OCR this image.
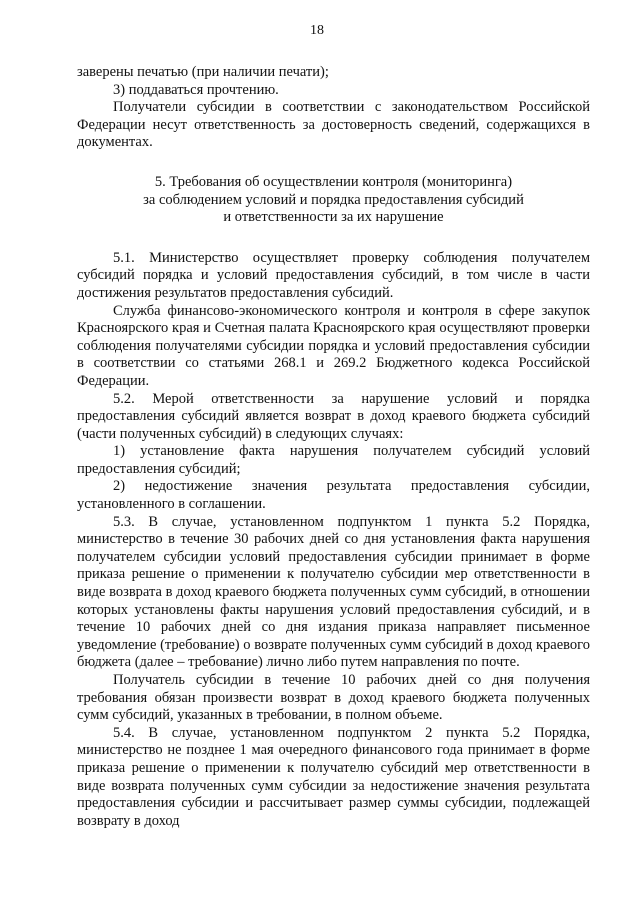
18

заверены печатью (при наличии печати);

3) поддаваться прочтению.

Получатели субсидии в соответствии с законодательством Российской Федерации несут ответственность за достоверность сведений, содержащихся в документах.

5. Требования об осуществлении контроля (мониторинга)
за соблюдением условий и порядка предоставления субсидий
и ответственности за их нарушение

5.1. Министерство осуществляет проверку соблюдения получателем субсидий порядка и условий предоставления субсидий, в том числе в части достижения результатов предоставления субсидий.

Служба финансово-экономического контроля и контроля в сфере закупок Красноярского края и Счетная палата Красноярского края осуществляют проверки соблюдения получателями субсидии порядка и условий предоставления субсидии в соответствии со статьями 268.1 и 269.2 Бюджетного кодекса Российской Федерации.

5.2. Мерой ответственности за нарушение условий и порядка предоставления субсидий является возврат в доход краевого бюджета субсидий (части полученных субсидий) в следующих случаях:

1) установление факта нарушения получателем субсидий условий предоставления субсидий;

2) недостижение значения результата предоставления субсидии, установленного в соглашении.

5.3. В случае, установленном подпунктом 1 пункта 5.2 Порядка, министерство в течение 30 рабочих дней со дня установления факта нарушения получателем субсидии условий предоставления субсидии принимает в форме приказа решение о применении к получателю субсидии мер ответственности в виде возврата в доход краевого бюджета полученных сумм субсидий, в отношении которых установлены факты нарушения условий предоставления субсидий, и в течение 10 рабочих дней со дня издания приказа направляет письменное уведомление (требование) о возврате полученных сумм субсидий в доход краевого бюджета (далее – требование) лично либо путем направления по почте.

Получатель субсидии в течение 10 рабочих дней со дня получения требования обязан произвести возврат в доход краевого бюджета полученных сумм субсидий, указанных в требовании, в полном объеме.

5.4. В случае, установленном подпунктом 2 пункта 5.2 Порядка, министерство не позднее 1 мая очередного финансового года принимает в форме приказа решение о применении к получателю субсидий мер ответственности в виде возврата полученных сумм субсидии за недостижение значения результата предоставления субсидии и рассчитывает размер суммы субсидии, подлежащей возврату в доход
